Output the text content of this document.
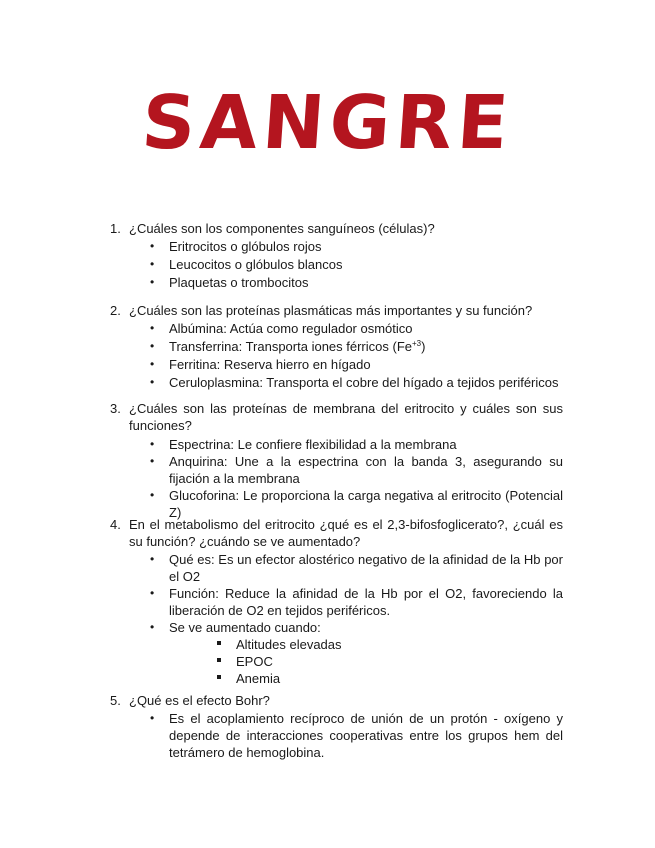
SANGRE
1. ¿Cuáles son los componentes sanguíneos (células)?
• Eritrocitos o glóbulos rojos
• Leucocitos o glóbulos blancos
• Plaquetas o trombocitos
2. ¿Cuáles son las proteínas plasmáticas más importantes y su función?
• Albúmina: Actúa como regulador osmótico
• Transferrina: Transporta iones férricos $(Fe^{+3})$
• Ferritina: Reserva hierro en hígado
• Ceruloplasmina: Transporta el cobre del hígado a tejidos periféricos
3. ¿Cuáles son las proteínas de membrana del eritrocito y cuáles son sus funciones?
• Espectrina: Le confiere flexibilidad a la membrana
• Anquirina: Une a la espectrina con la banda 3, asegurando su fijación a la membrana
• Glucoforina: Le proporciona la carga negativa al eritrocito (Potencial Z)
4. En el metabolismo del eritrocito ¿qué es el 2,3-bifosfoglicerato?, ¿cuál es su función? ¿cuándo se ve aumentado?
• Qué es: Es un efector alostérico negativo de la afinidad de la Hb por el O2
• Función: Reduce la afinidad de la Hb por el O2, favoreciendo la liberación de O2 en tejidos periféricos.
• Se ve aumentado cuando:
Altitudes elevadas
EPOC
Anemia
5. ¿Qué es el efecto Bohr?
• Es el acoplamiento recíproco de unión de un protón - oxígeno y depende de interacciones cooperativas entre los grupos hem del tetrámero de hemoglobina.
